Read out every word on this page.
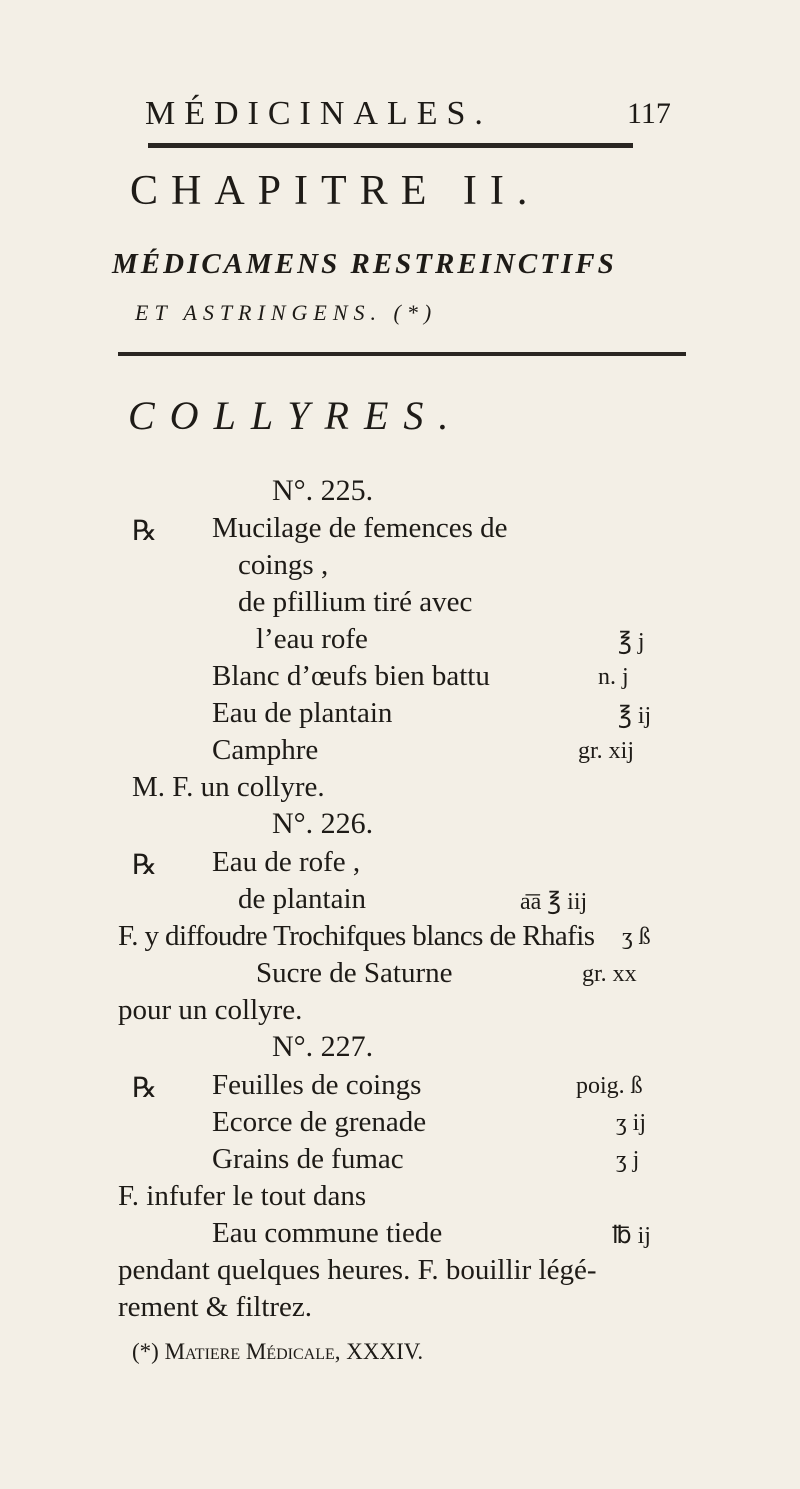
MÉDICINALES.	117
CHAPITRE II.
MÉDICAMENS RESTREINCTIFS
ET ASTRINGENS. (*)
COLLYRES.
N°. 225.
℞ Mucilage de femences de
coings ,
de pfillium tiré avec
l’eau rofe	℥ j
Blanc d’œufs bien battu	n. j
Eau de plantain	℥ ij
Camphre	gr. xij
M. F. un collyre.
N°. 226.
℞ Eau de rofe ,
de plantain	a͞a ℥ iij
F. y diffoudre Trochifques blancs de Rhafis ʒ ß
Sucre de Saturne	gr. xx
pour un collyre.
N°. 227.
℞ Feuilles de coings	poig. ß
Ecorce de grenade	ʒ ij
Grains de fumac	ʒ j
F. infufer le tout dans
Eau commune tiede	℔ ij
pendant quelques heures. F. bouillir légé-
rement & filtrez.
(*) Matiere Médicale, XXXIV.
